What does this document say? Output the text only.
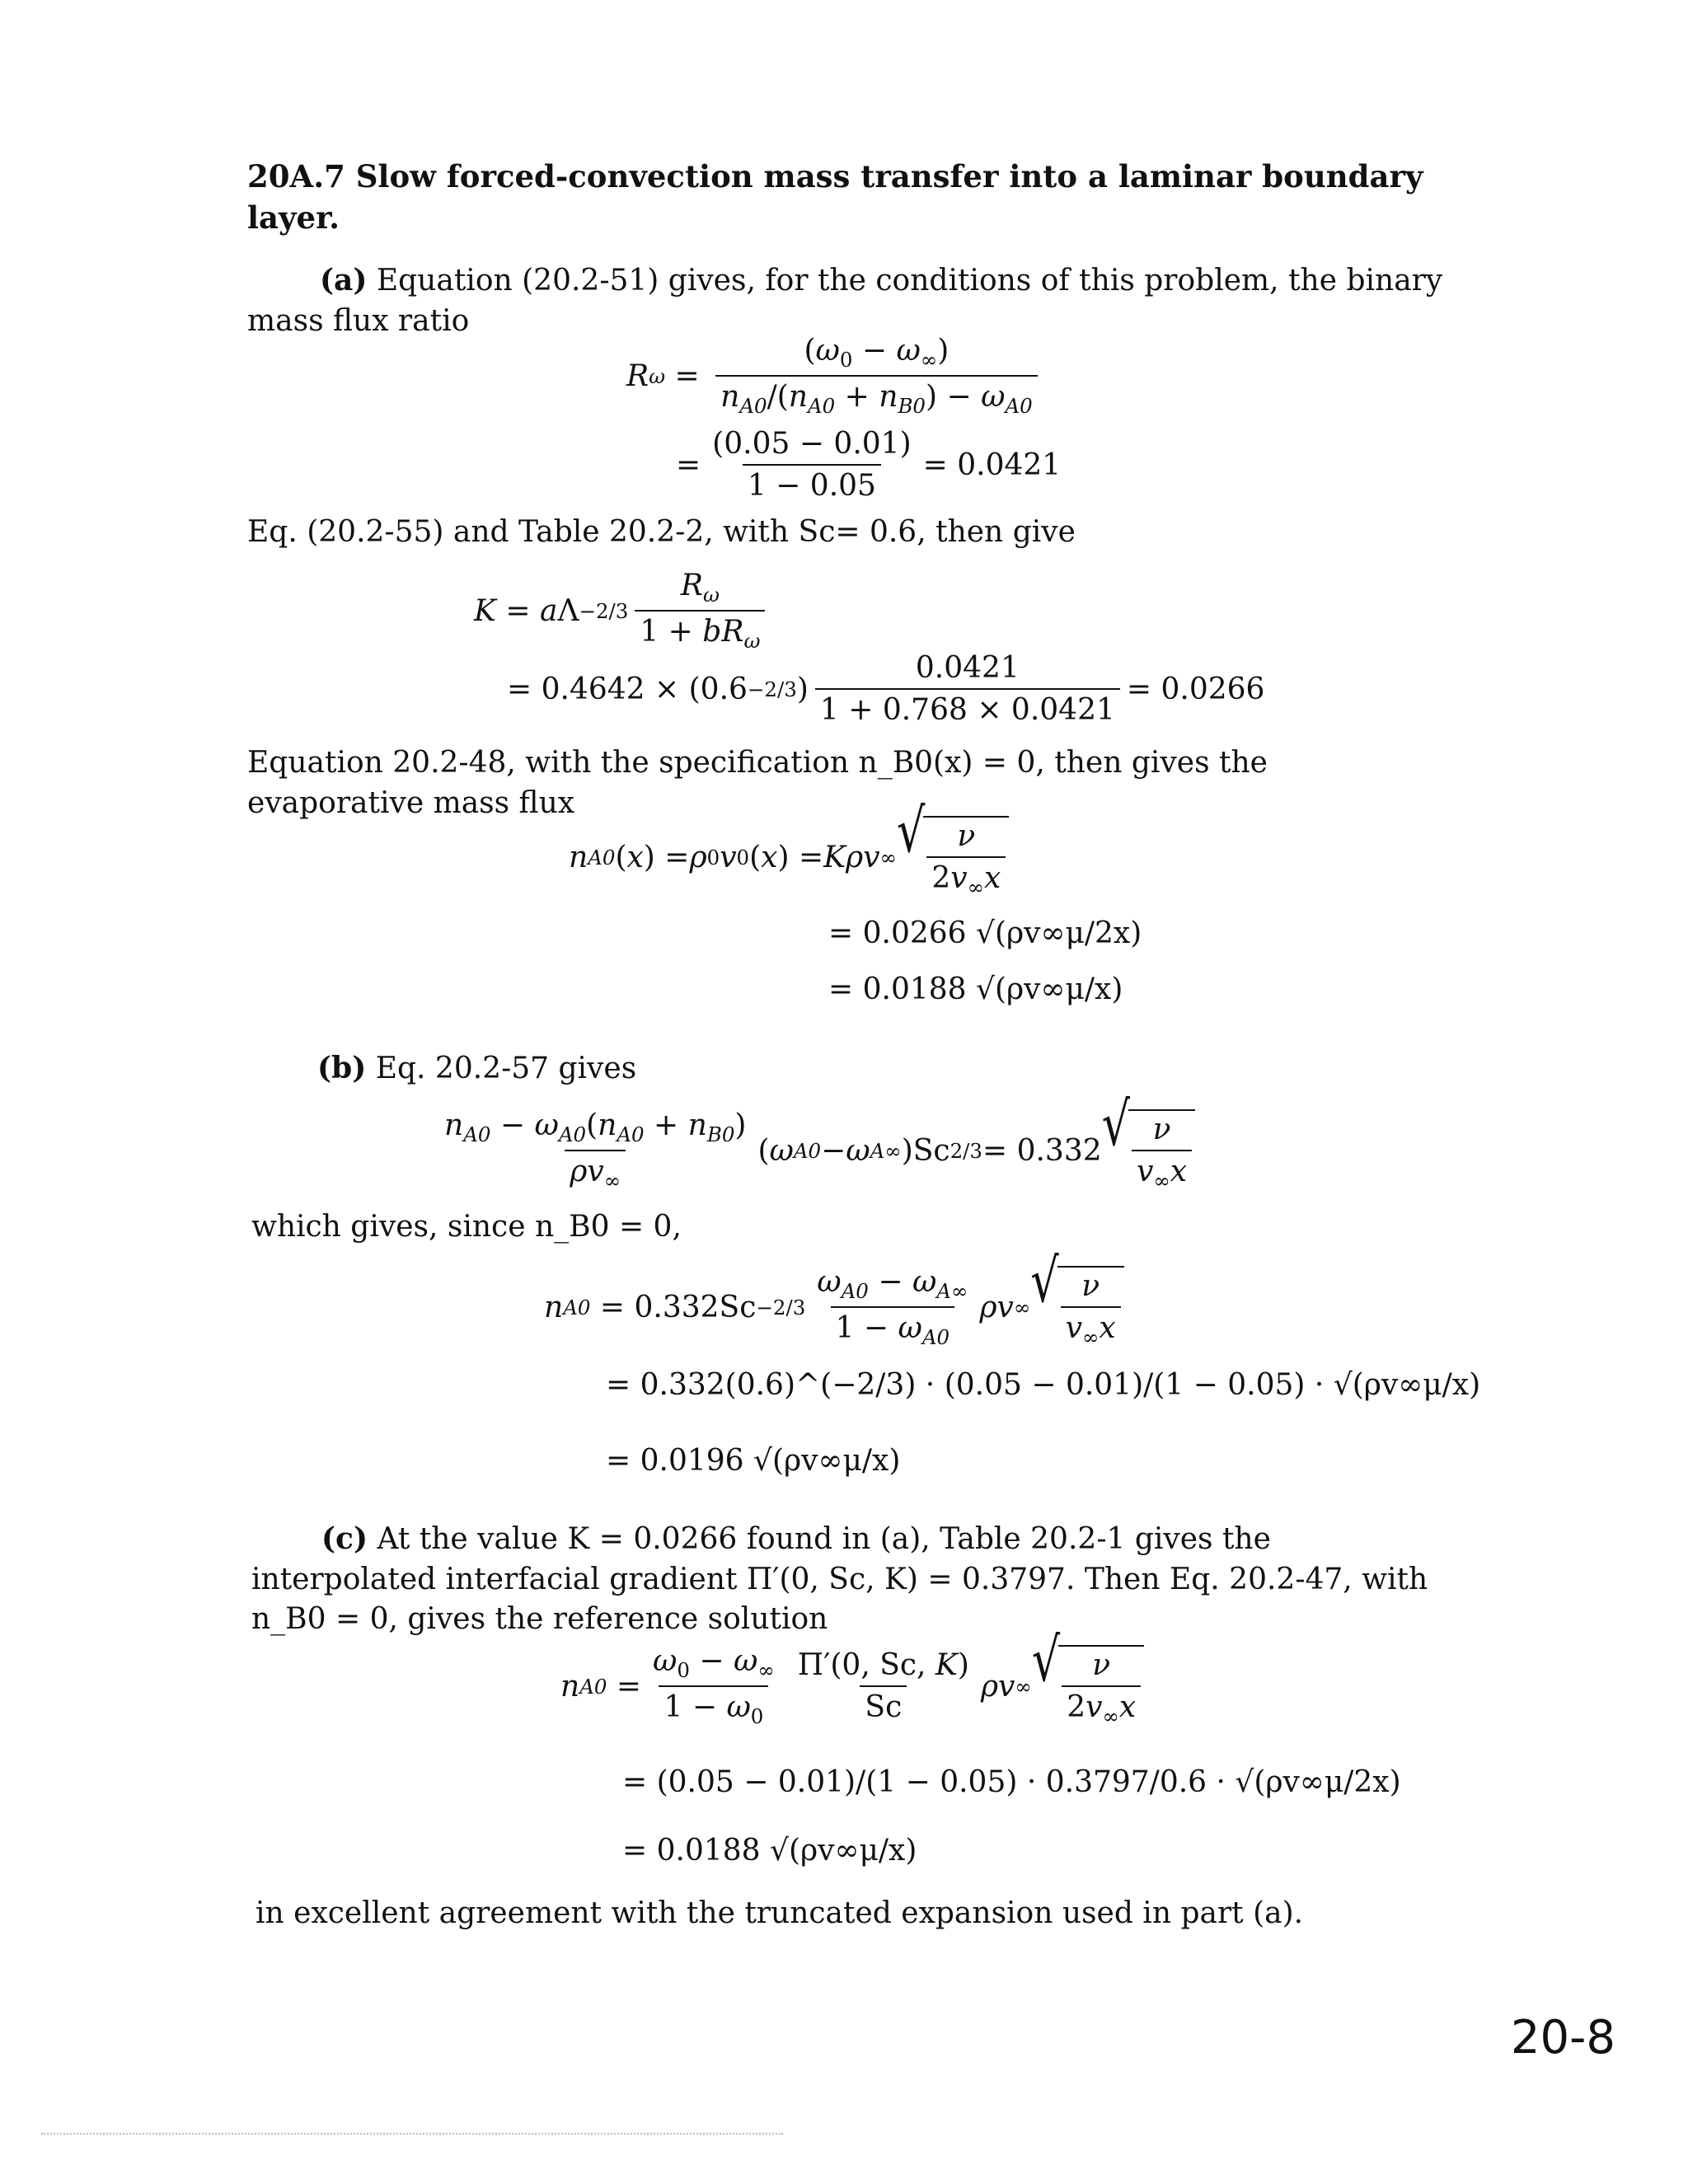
20A.7 Slow forced-convection mass transfer into a laminar boundary layer.
(a) Equation (20.2-51) gives, for the conditions of this problem, the binary mass flux ratio
R $\omega = \frac{(\omega_0 - \omega_\infty)}{n_{A0}/(n_{A0} + n_{B0}) - \omega_{A0}}$
= $\frac{(0.05 - 0.01)}{1 - 0.05} = 0.0421$
Eq. (20.2-55) and Table 20.2-2, with Sc= 0.6, then give
K = a $\Lambda -2/3 \frac{R_\omega}{1 + bR_\omega}$
= 0.4642 × (0.6 −2/3 ) $\frac{0.0421}{1 + 0.768 \times 0.0421} = 0.0266$
Equation 20.2-48, with the specification n_B0(x) = 0, then gives the evaporative mass flux
n A0 ( x ) = ρ 0 v 0 ( x ) = Kρv ∞ √ $\frac{\nu}{2v_\infty x}$
= 0.0266 √(ρv∞μ/2x)
= 0.0188 √(ρv∞μ/x)
(b) Eq. 20.2-57 gives
$\frac{n_{A0} - \omega_{A0}(n_{A0} + n_{B0})}{\rho v_\infty}$ ( ω A0 − ω A∞ )Sc 2/3 = 0.332 √ $\frac{\nu}{v_\infty x}$
which gives, since n_B0 = 0,
n $A0 = 0.332Sc -2/3 \frac{\omega_{A0} - \omega_{A\infty}}{1 - \omega_{A0}}$ ρv ∞ √ $\frac{\nu}{v_\infty x}$
= 0.332(0.6)^(−2/3) · (0.05 − 0.01)/(1 − 0.05) · √(ρv∞μ/x)
= 0.0196 √(ρv∞μ/x)
(c) At the value K = 0.0266 found in (a), Table 20.2-1 gives the interpolated interfacial gradient Π′(0, Sc, K) = 0.3797. Then Eq. 20.2-47, with n_B0 = 0, gives the reference solution
n $A0 = \frac{\omega_0 - \omega_\infty}{1 - \omega_0} \frac{\Pi'(0, Sc, K)}{Sc}$ ρv ∞ √ $\frac{\nu}{2v_\infty x}$
= (0.05 − 0.01)/(1 − 0.05) · 0.3797/0.6 · √(ρv∞μ/2x)
= 0.0188 √(ρv∞μ/x)
in excellent agreement with the truncated expansion used in part (a).
20-8
